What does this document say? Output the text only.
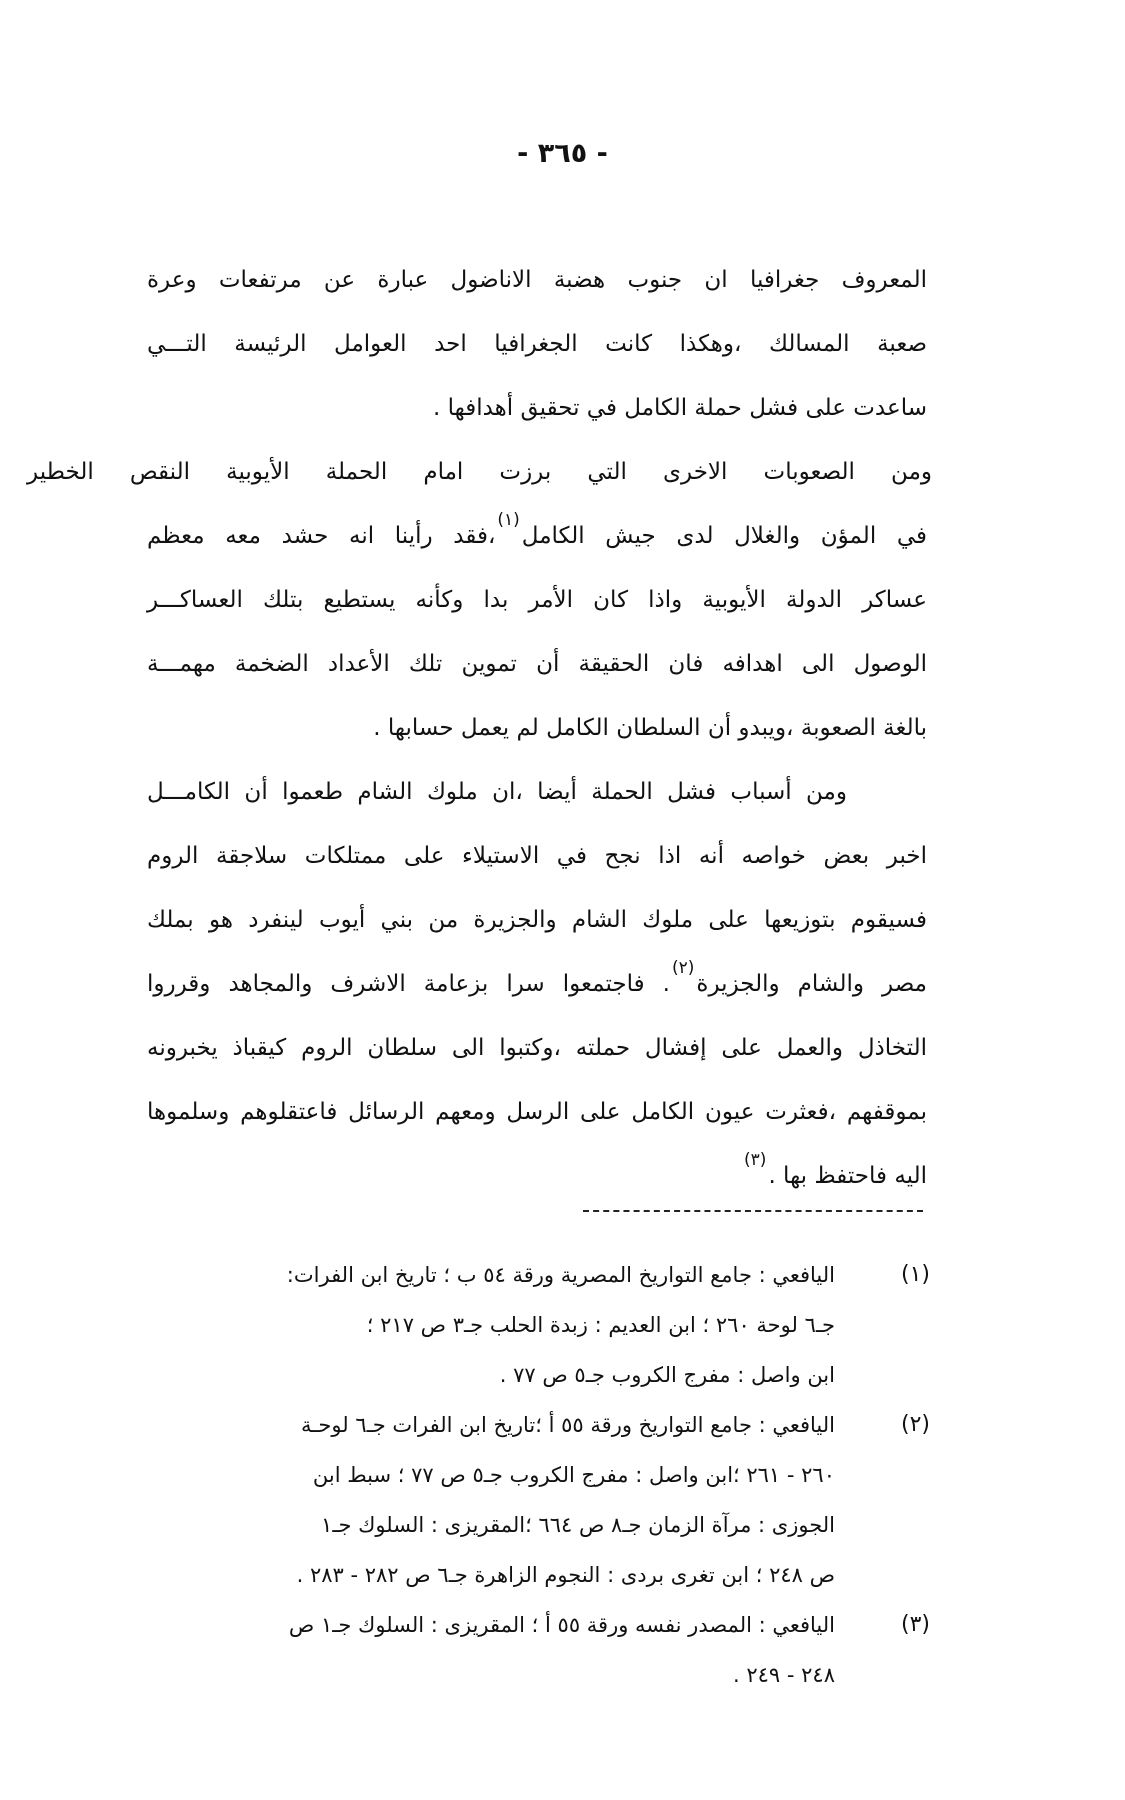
- ٣٦٥ -
المعروف جغرافيا ان جنوب هضبة الاناضول عبارة عن مرتفعات وعرة
صعبة المسالك ،وهكذا كانت الجغرافيا احد العوامل الرئيسة التـــي
ساعدت على فشل حملة الكامل في تحقيق أهدافها .
ومن الصعوبات الاخرى التي برزت امام الحملة الأيوبية النقص الخطير
في المؤن والغلال لدى جيش الكامل$^{(١)}$،فقد رأينا انه حشد معه معظم
عساكر الدولة الأيوبية واذا كان الأمر بدا وكأنه يستطيع بتلك العساكـــر
الوصول الى اهدافه فان الحقيقة أن تموين تلك الأعداد الضخمة مهمـــة
بالغة الصعوبة ،ويبدو أن السلطان الكامل لم يعمل حسابها .
ومن أسباب فشل الحملة أيضا ،ان ملوك الشام طعموا أن الكامـــل
اخبر بعض خواصه أنه اذا نجح في الاستيلاء على ممتلكات سلاجقة الروم
فسيقوم بتوزيعها على ملوك الشام والجزيرة من بني أيوب لينفرد هو بملك
مصر والشام والجزيرة$^{(٢)}$. فاجتمعوا سرا بزعامة الاشرف والمجاهد وقرروا
التخاذل والعمل على إفشال حملته ،وكتبوا الى سلطان الروم كيقباذ يخبرونه
بموقفهم ،فعثرت عيون الكامل على الرسل ومعهم الرسائل فاعتقلوهم وسلموها
اليه فاحتفظ بها .$^{(٣)}$
(١)
اليافعي : جامع التواريخ المصرية ورقة ٥٤ ب ؛ تاريخ ابن الفرات:
جـ٦ لوحة ٢٦٠ ؛ ابن العديم : زبدة الحلب جـ٣ ص ٢١٧ ؛
ابن واصل : مفرج الكروب جـ٥ ص ٧٧ .
(٢)
اليافعي : جامع التواريخ ورقة ٥٥ أ ؛تاريخ ابن الفرات جـ٦ لوحـة
٢٦٠ - ٢٦١ ؛ابن واصل : مفرج الكروب جـ٥ ص ٧٧ ؛ سبط ابن
الجوزى : مرآة الزمان جـ٨ ص ٦٦٤ ؛المقريزى : السلوك جـ١
ص ٢٤٨ ؛ ابن تغرى بردى : النجوم الزاهرة جـ٦ ص ٢٨٢ - ٢٨٣ .
(٣)
اليافعي : المصدر نفسه ورقة ٥٥ أ ؛ المقريزى : السلوك جـ١ ص
٢٤٨ - ٢٤٩ .
